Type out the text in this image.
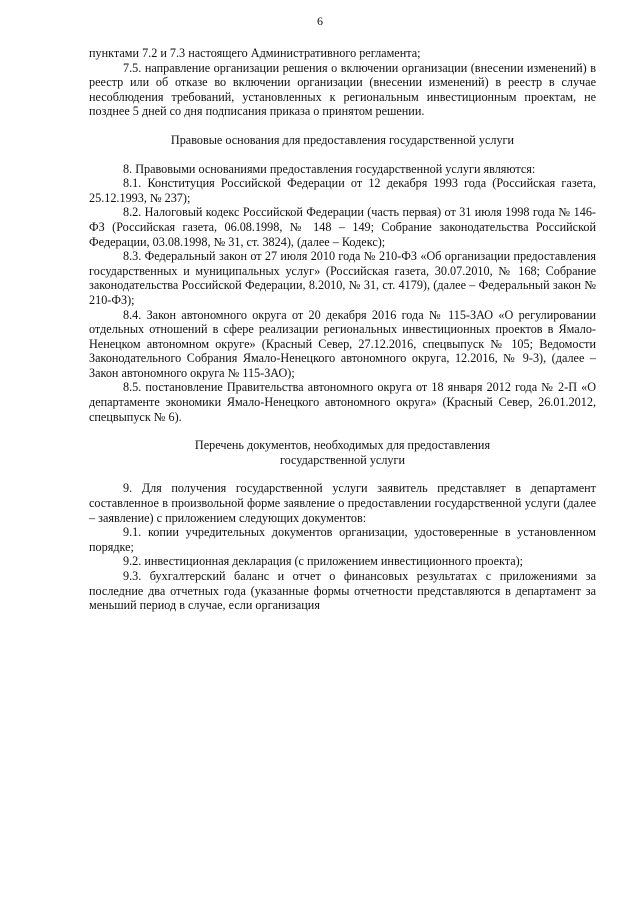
6

пунктами 7.2 и 7.3 настоящего Административного регламента;

7.5. направление организации решения о включении организации (внесении изменений) в реестр или об отказе во включении организации (внесении изменений) в реестр в случае несоблюдения требований, установленных к региональным инвестиционным проектам, не позднее 5 дней со дня подписания приказа о принятом решении.

Правовые основания для предоставления государственной услуги

8. Правовыми основаниями предоставления государственной услуги являются:

8.1. Конституция Российской Федерации от 12 декабря 1993 года (Российская газета, 25.12.1993, № 237);

8.2. Налоговый кодекс Российской Федерации (часть первая) от 31 июля 1998 года № 146-ФЗ (Российская газета, 06.08.1998, № 148 – 149; Собрание законодательства Российской Федерации, 03.08.1998, № 31, ст. 3824), (далее – Кодекс);

8.3. Федеральный закон от 27 июля 2010 года № 210-ФЗ «Об организации предоставления государственных и муниципальных услуг» (Российская газета, 30.07.2010, № 168; Собрание законодательства Российской Федерации, 8.2010, № 31, ст. 4179), (далее – Федеральный закон № 210-ФЗ);

8.4. Закон автономного округа от 20 декабря 2016 года № 115-ЗАО «О регулировании отдельных отношений в сфере реализации региональных инвестиционных проектов в Ямало-Ненецком автономном округе» (Красный Север, 27.12.2016, спецвыпуск № 105; Ведомости Законодательного Собрания Ямало-Ненецкого автономного округа, 12.2016, № 9-3), (далее – Закон автономного округа № 115-ЗАО);

8.5. постановление Правительства автономного округа от 18 января 2012 года № 2-П «О департаменте экономики Ямало-Ненецкого автономного округа» (Красный Север, 26.01.2012, спецвыпуск № 6).

Перечень документов, необходимых для предоставления
государственной услуги

9. Для получения государственной услуги заявитель представляет в департамент составленное в произвольной форме заявление о предоставлении государственной услуги (далее – заявление) с приложением следующих документов:

9.1. копии учредительных документов организации, удостоверенные в установленном порядке;

9.2. инвестиционная декларация (с приложением инвестиционного проекта);

9.3. бухгалтерский баланс и отчет о финансовых результатах с приложениями за последние два отчетных года (указанные формы отчетности представляются в департамент за меньший период в случае, если организация
